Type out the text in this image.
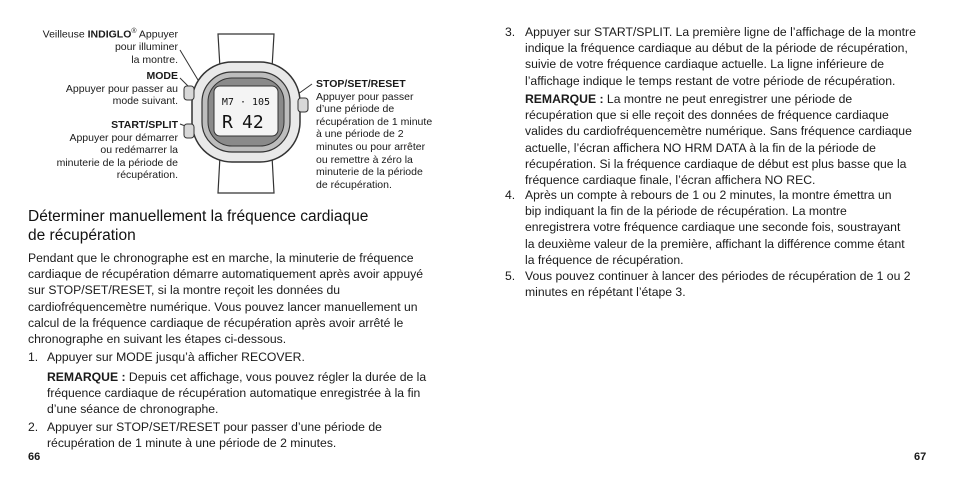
Veilleuse INDIGLO® Appuyer
pour illuminer
la montre.
MODE
Appuyer pour passer au
mode suivant.
START/SPLIT
Appuyer pour démarrer
ou redémarrer la
minuterie de la période de
récupération.
M7 · 105
R 42
STOP/SET/RESET
Appuyer pour passer
d’une période de
récupération de 1 minute
à une période de 2
minutes ou pour arrêter
ou remettre à zéro la
minuterie de la période
de récupération.
Déterminer manuellement la fréquence cardiaque
de récupération
Pendant que le chronographe est en marche, la minuterie de fréquence
cardiaque de récupération démarre automatiquement après avoir appuyé
sur STOP/SET/RESET, si la montre reçoit les données du
cardiofréquencemètre numérique. Vous pouvez lancer manuellement un
calcul de la fréquence cardiaque de récupération après avoir arrêté le
chronographe en suivant les étapes ci-dessous.
1. Appuyer sur MODE jusqu’à afficher RECOVER.
REMARQUE : Depuis cet affichage, vous pouvez régler la durée de la
fréquence cardiaque de récupération automatique enregistrée à la fin
d’une séance de chronographe.
2. Appuyer sur STOP/SET/RESET pour passer d’une période de
récupération de 1 minute à une période de 2 minutes.
66
3. Appuyer sur START/SPLIT. La première ligne de l’affichage de la montre
indique la fréquence cardiaque au début de la période de récupération,
suivie de votre fréquence cardiaque actuelle. La ligne inférieure de
l’affichage indique le temps restant de votre période de récupération.
REMARQUE : La montre ne peut enregistrer une période de
récupération que si elle reçoit des données de fréquence cardiaque
valides du cardiofréquencemètre numérique. Sans fréquence cardiaque
actuelle, l’écran affichera NO HRM DATA à la fin de la période de
récupération. Si la fréquence cardiaque de début est plus basse que la
fréquence cardiaque finale, l’écran affichera NO REC.
4. Après un compte à rebours de 1 ou 2 minutes, la montre émettra un
bip indiquant la fin de la période de récupération. La montre
enregistrera votre fréquence cardiaque une seconde fois, soustrayant
la deuxième valeur de la première, affichant la différence comme étant
la fréquence de récupération.
5. Vous pouvez continuer à lancer des périodes de récupération de 1 ou 2
minutes en répétant l’étape 3.
67
